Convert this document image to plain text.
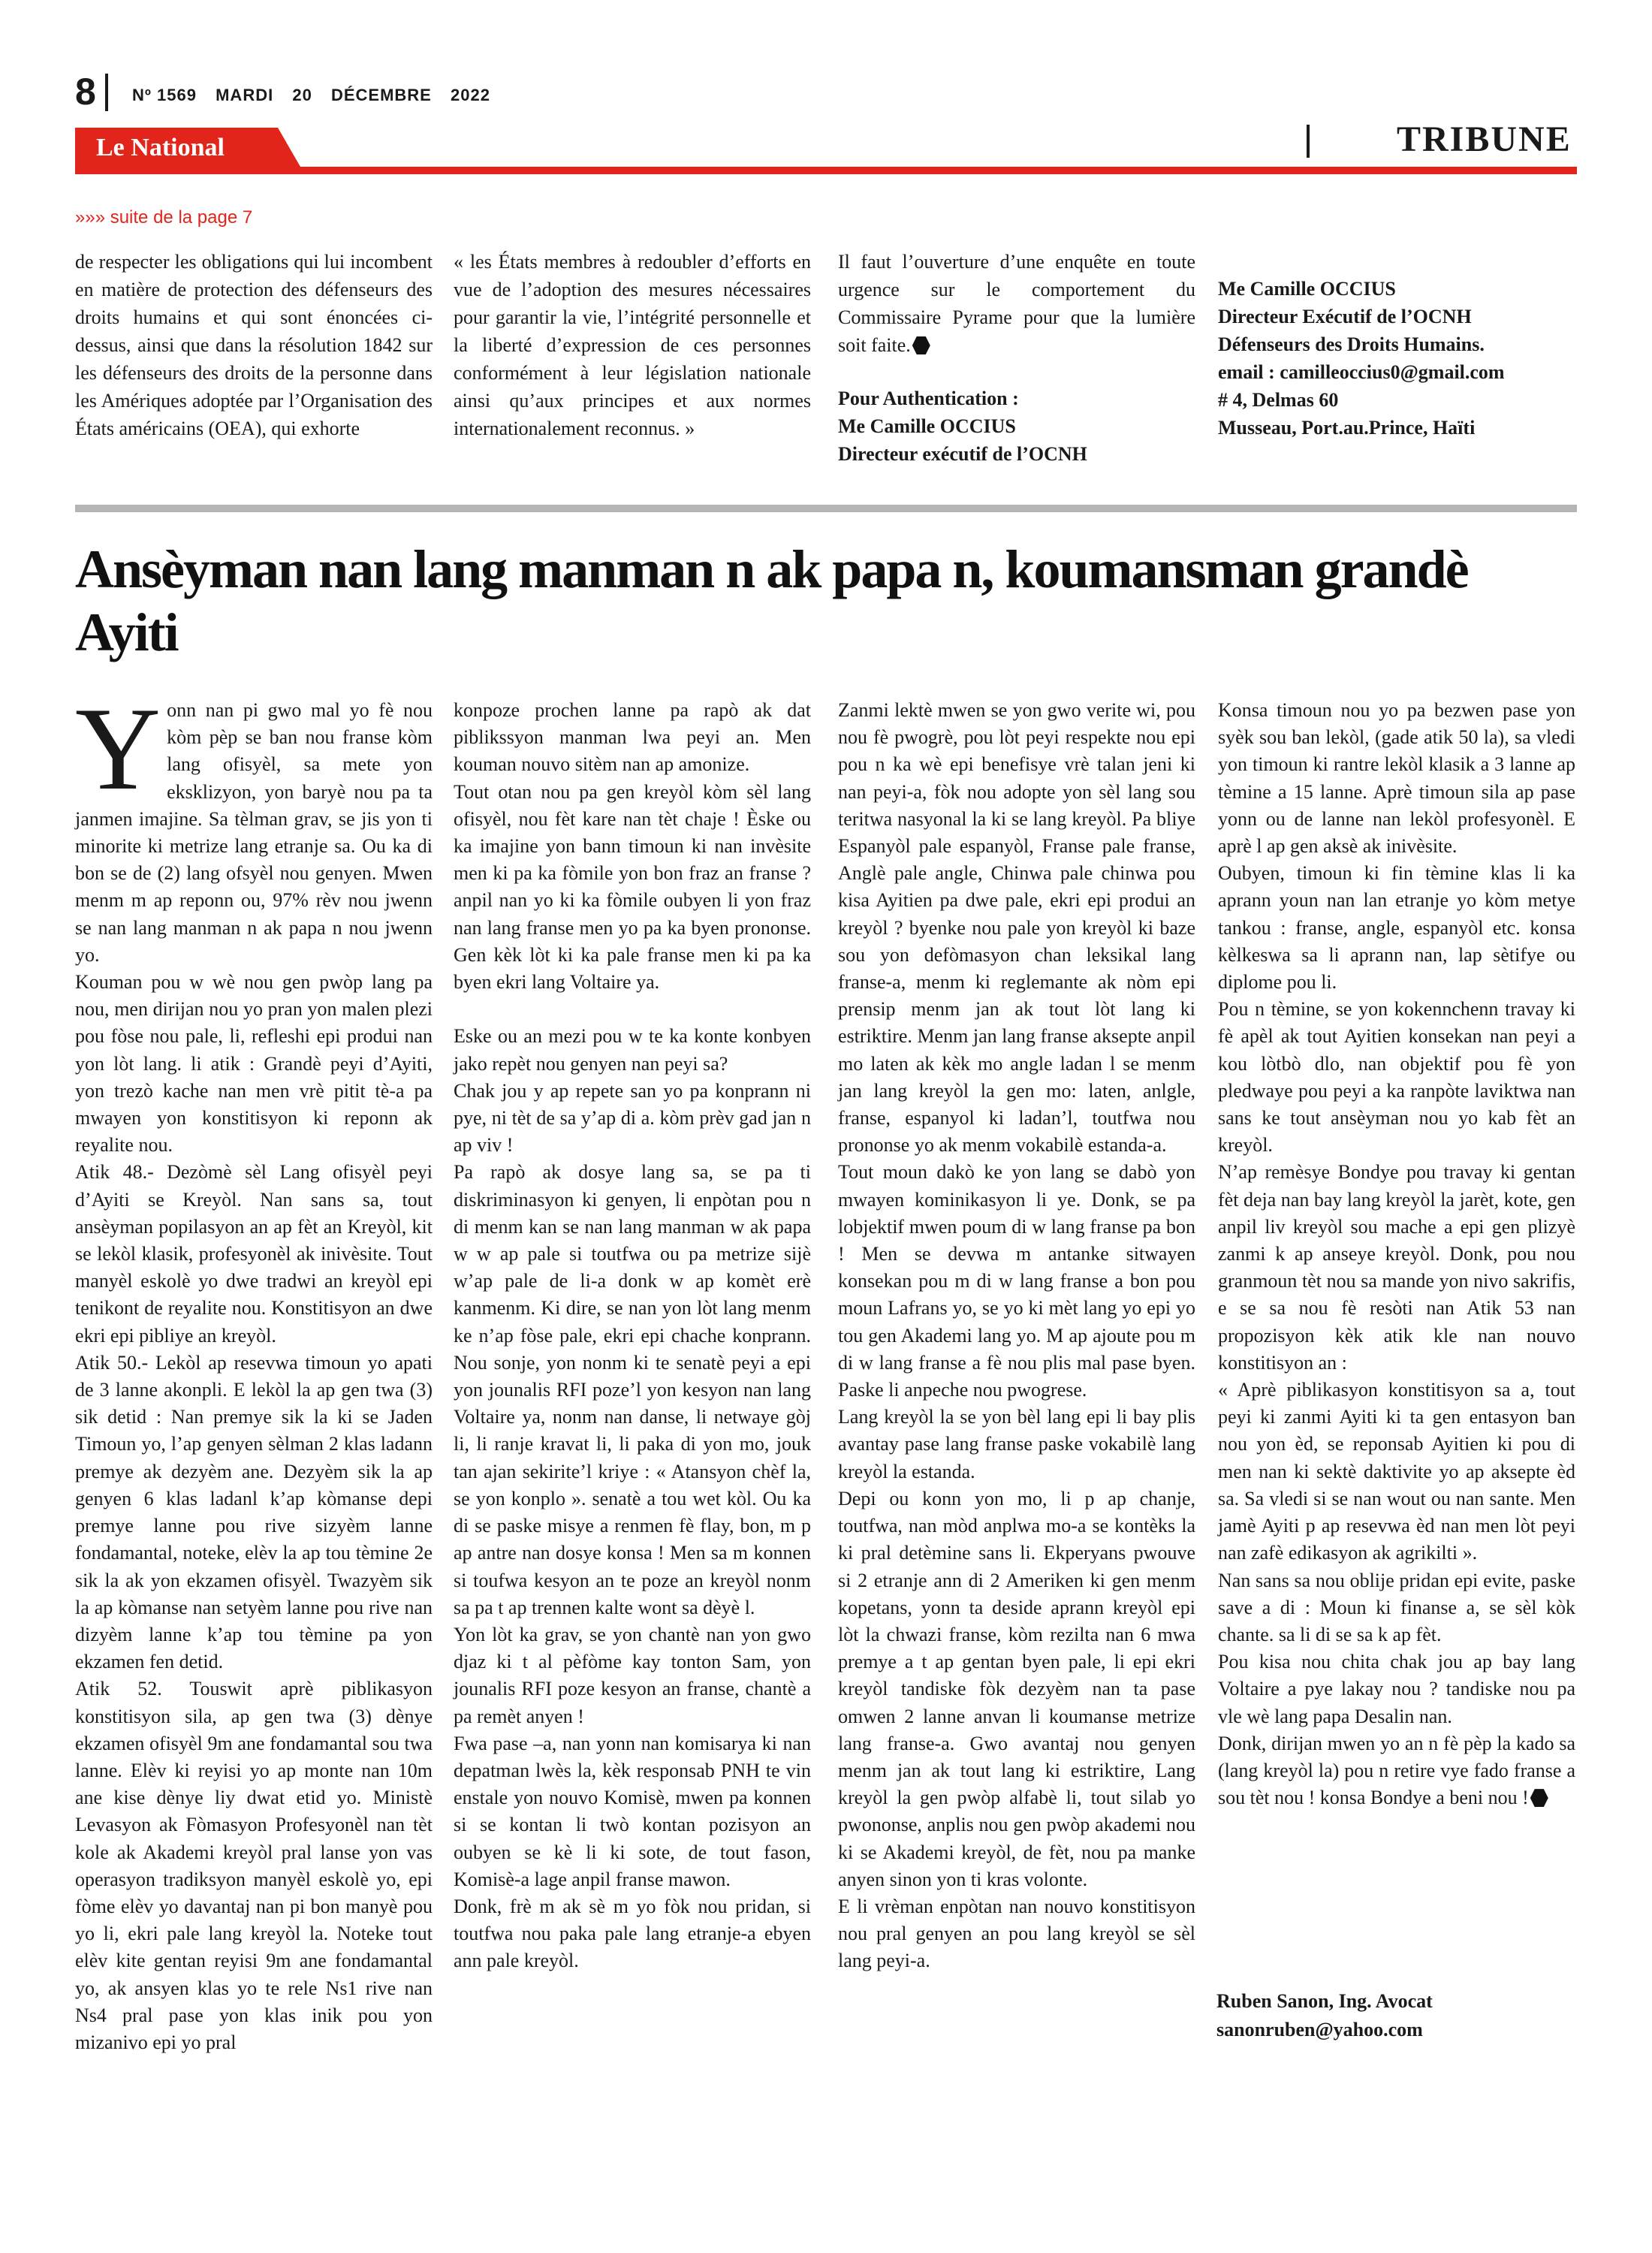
8 Nº 1569 MARDI 20 DÉCEMBRE 2022
Le National	TRIBUNE
»»» suite de la page 7
de respecter les obligations qui lui incombent en matière de protection des défenseurs des droits humains et qui sont énoncées ci-dessus, ainsi que dans la résolution 1842 sur les défenseurs des droits de la personne dans les Amériques adoptée par l’Organisation des États américains (OEA), qui exhorte
« les États membres à redoubler d’efforts en vue de l’adoption des mesures nécessaires pour garantir la vie, l’intégrité personnelle et la liberté d’expression de ces personnes conformément à leur législation nationale ainsi qu’aux principes et aux normes internationalement reconnus. »
Il faut l’ouverture d’une enquête en toute urgence sur le comportement du Commissaire Pyrame pour que la lumière soit faite.
Pour Authentication :
Me Camille OCCIUS
Directeur exécutif de l’OCNH
Me Camille OCCIUS
Directeur Exécutif de l’OCNH
Défenseurs des Droits Humains.
email : camilleoccius0@gmail.com
# 4, Delmas 60
Musseau, Port.au.Prince, Haïti
Ansèyman nan lang manman n ak papa n, koumansman grandè Ayiti

Yonn nan pi gwo mal yo fè nou kòm pèp se ban nou franse kòm lang ofisyèl, sa mete yon eksklizyon, yon baryè nou pa ta janmen imajine. Sa tèlman grav, se jis yon ti minorite ki metrize lang etranje sa. Ou ka di bon se de (2) lang ofsyèl nou genyen. Mwen menm m ap reponn ou, 97% rèv nou jwenn se nan lang manman n ak papa n nou jwenn yo.

Kouman pou w wè nou gen pwòp lang pa nou, men dirijan nou yo pran yon malen plezi pou fòse nou pale, li, refleshi epi produi nan yon lòt lang. li atik : Grandè peyi d’Ayiti, yon trezò kache nan men vrè pitit tè-a pa mwayen yon konstitisyon ki reponn ak reyalite nou.

Atik 48.- Dezòmè sèl Lang ofisyèl peyi d’Ayiti se Kreyòl. Nan sans sa, tout ansèyman popilasyon an ap fèt an Kreyòl, kit se lekòl klasik, profesyonèl ak inivèsite. Tout manyèl eskolè yo dwe tradwi an kreyòl epi tenikont de reyalite nou. Konstitisyon an dwe ekri epi pibliye an kreyòl.

Atik 50.- Lekòl ap resevwa timoun yo apati de 3 lanne akonpli. E lekòl la ap gen twa (3) sik detid : Nan premye sik la ki se Jaden Timoun yo, l’ap genyen sèlman 2 klas ladann premye ak dezyèm ane. Dezyèm sik la ap genyen 6 klas ladanl k’ap kòmanse depi premye lanne pou rive sizyèm lanne fondamantal, noteke, elèv la ap tou tèmine 2e sik la ak yon ekzamen ofisyèl. Twazyèm sik la ap kòmanse nan setyèm lanne pou rive nan dizyèm lanne k’ap tou tèmine pa yon ekzamen fen detid.

Atik 52. Touswit aprè piblikasyon konstitisyon sila, ap gen twa (3) dènye ekzamen ofisyèl 9m ane fondamantal sou twa lanne. Elèv ki reyisi yo ap monte nan 10m ane kise dènye liy dwat etid yo. Ministè Levasyon ak Fòmasyon Profesyonèl nan tèt kole ak Akademi kreyòl pral lanse yon vas operasyon tradiksyon manyèl eskolè yo, epi fòme elèv yo davantaj nan pi bon manyè pou yo li, ekri pale lang kreyòl la. Noteke tout elèv kite gentan reyisi 9m ane fondamantal yo, ak ansyen klas yo te rele Ns1 rive nan Ns4 pral pase yon klas inik pou yon mizanivo epi yo pral

konpoze prochen lanne pa rapò ak dat piblikssyon manman lwa peyi an. Men kouman nouvo sitèm nan ap amonize.

Tout otan nou pa gen kreyòl kòm sèl lang ofisyèl, nou fèt kare nan tèt chaje ! Èske ou ka imajine yon bann timoun ki nan invèsite men ki pa ka fòmile yon bon fraz an franse ? anpil nan yo ki ka fòmile oubyen li yon fraz nan lang franse men yo pa ka byen prononse. Gen kèk lòt ki ka pale franse men ki pa ka byen ekri lang Voltaire ya.

Eske ou an mezi pou w te ka konte konbyen jako repèt nou genyen nan peyi sa?

Chak jou y ap repete san yo pa konprann ni pye, ni tèt de sa y’ap di a. kòm prèv gad jan n ap viv !

Pa rapò ak dosye lang sa, se pa ti diskriminasyon ki genyen, li enpòtan pou n di menm kan se nan lang manman w ak papa w w ap pale si toutfwa ou pa metrize sijè w’ap pale de li-a donk w ap komèt erè kanmenm. Ki dire, se nan yon lòt lang menm ke n’ap fòse pale, ekri epi chache konprann. Nou sonje, yon nonm ki te senatè peyi a epi yon jounalis RFI poze’l yon kesyon nan lang Voltaire ya, nonm nan danse, li netwaye gòj li, li ranje kravat li, li paka di yon mo, jouk tan ajan sekirite’l kriye : « Atansyon chèf la, se yon konplo ». senatè a tou wet kòl. Ou ka di se paske misye a renmen fè flay, bon, m p ap antre nan dosye konsa ! Men sa m konnen si toufwa kesyon an te poze an kreyòl nonm sa pa t ap trennen kalte wont sa dèyè l.

Yon lòt ka grav, se yon chantè nan yon gwo djaz ki t al pèfòme kay tonton Sam, yon jounalis RFI poze kesyon an franse, chantè a pa remèt anyen !

Fwa pase –a, nan yonn nan komisarya ki nan depatman lwès la, kèk responsab PNH te vin enstale yon nouvo Komisè, mwen pa konnen si se kontan li twò kontan pozisyon an oubyen se kè li ki sote, de tout fason, Komisè-a lage anpil franse mawon.

Donk, frè m ak sè m yo fòk nou pridan, si toutfwa nou paka pale lang etranje-a ebyen ann pale kreyòl.

Zanmi lektè mwen se yon gwo verite wi, pou nou fè pwogrè, pou lòt peyi respekte nou epi pou n ka wè epi benefisye vrè talan jeni ki nan peyi-a, fòk nou adopte yon sèl lang sou teritwa nasyonal la ki se lang kreyòl. Pa bliye Espanyòl pale espanyòl, Franse pale franse, Anglè pale angle, Chinwa pale chinwa pou kisa Ayitien pa dwe pale, ekri epi produi an kreyòl ? byenke nou pale yon kreyòl ki baze sou yon defòmasyon chan leksikal lang franse-a, menm ki reglemante ak nòm epi prensip menm jan ak tout lòt lang ki estriktire. Menm jan lang franse aksepte anpil mo laten ak kèk mo angle ladan l se menm jan lang kreyòl la gen mo: laten, anlgle, franse, espanyol ki ladan’l, toutfwa nou prononse yo ak menm vokabilè estanda-a.

Tout moun dakò ke yon lang se dabò yon mwayen kominikasyon li ye. Donk, se pa lobjektif mwen poum di w lang franse pa bon ! Men se devwa m antanke sitwayen konsekan pou m di w lang franse a bon pou moun Lafrans yo, se yo ki mèt lang yo epi yo tou gen Akademi lang yo. M ap ajoute pou m di w lang franse a fè nou plis mal pase byen. Paske li anpeche nou pwogrese.

Lang kreyòl la se yon bèl lang epi li bay plis avantay pase lang franse paske vokabilè lang kreyòl la estanda.

Depi ou konn yon mo, li p ap chanje, toutfwa, nan mòd anplwa mo-a se kontèks la ki pral detèmine sans li. Ekperyans pwouve si 2 etranje ann di 2 Ameriken ki gen menm kopetans, yonn ta deside aprann kreyòl epi lòt la chwazi franse, kòm rezilta nan 6 mwa premye a t ap gentan byen pale, li epi ekri kreyòl tandiske fòk dezyèm nan ta pase omwen 2 lanne anvan li koumanse metrize lang franse-a. Gwo avantaj nou genyen menm jan ak tout lang ki estriktire, Lang kreyòl la gen pwòp alfabè li, tout silab yo pwononse, anplis nou gen pwòp akademi nou ki se Akademi kreyòl, de fèt, nou pa manke anyen sinon yon ti kras volonte.

E li vrèman enpòtan nan nouvo konstitisyon nou pral genyen an pou lang kreyòl se sèl lang peyi-a.

Konsa timoun nou yo pa bezwen pase yon syèk sou ban lekòl, (gade atik 50 la), sa vledi yon timoun ki rantre lekòl klasik a 3 lanne ap tèmine a 15 lanne. Aprè timoun sila ap pase yonn ou de lanne nan lekòl profesyonèl. E aprè l ap gen aksè ak inivèsite.

Oubyen, timoun ki fin tèmine klas li ka aprann youn nan lan etranje yo kòm metye tankou : franse, angle, espanyòl etc. konsa kèlkeswa sa li aprann nan, lap sètifye ou diplome pou li.

Pou n tèmine, se yon kokennchenn travay ki fè apèl ak tout Ayitien konsekan nan peyi a kou lòtbò dlo, nan objektif pou fè yon pledwaye pou peyi a ka ranpòte laviktwa nan sans ke tout ansèyman nou yo kab fèt an kreyòl.

N’ap remèsye Bondye pou travay ki gentan fèt deja nan bay lang kreyòl la jarèt, kote, gen anpil liv kreyòl sou mache a epi gen plizyè zanmi k ap anseye kreyòl. Donk, pou nou granmoun tèt nou sa mande yon nivo sakrifis, e se sa nou fè resòti nan Atik 53 nan propozisyon kèk atik kle nan nouvo konstitisyon an :

« Aprè piblikasyon konstitisyon sa a, tout peyi ki zanmi Ayiti ki ta gen entasyon ban nou yon èd, se reponsab Ayitien ki pou di men nan ki sektè daktivite yo ap aksepte èd sa. Sa vledi si se nan wout ou nan sante. Men jamè Ayiti p ap resevwa èd nan men lòt peyi nan zafè edikasyon ak agrikilti ».

Nan sans sa nou oblije pridan epi evite, paske save a di : Moun ki finanse a, se sèl kòk chante. sa li di se sa k ap fèt.

Pou kisa nou chita chak jou ap bay lang Voltaire a pye lakay nou ? tandiske nou pa vle wè lang papa Desalin nan.

Donk, dirijan mwen yo an n fè pèp la kado sa (lang kreyòl la) pou n retire vye fado franse a sou tèt nou ! konsa Bondye a beni nou !

Ruben Sanon, Ing. Avocat
sanonruben@yahoo.com
